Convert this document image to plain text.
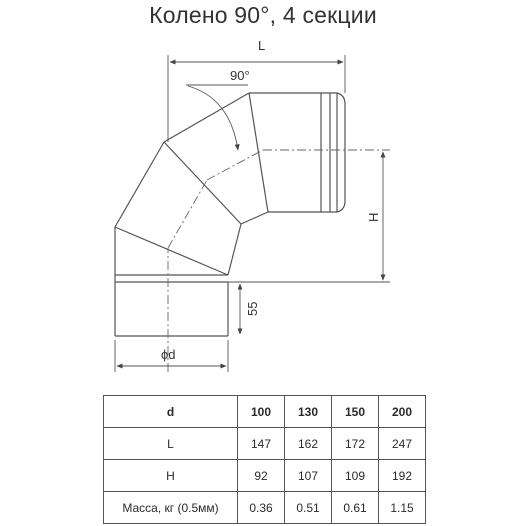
Колено 90°, 4 секции
L
90°
H
55
ϕd
d	100	130	150	200
L	147	162	172	247
H	92	107	109	192
Масса, кг (0.5мм)	0.36	0.51	0.61	1.15
